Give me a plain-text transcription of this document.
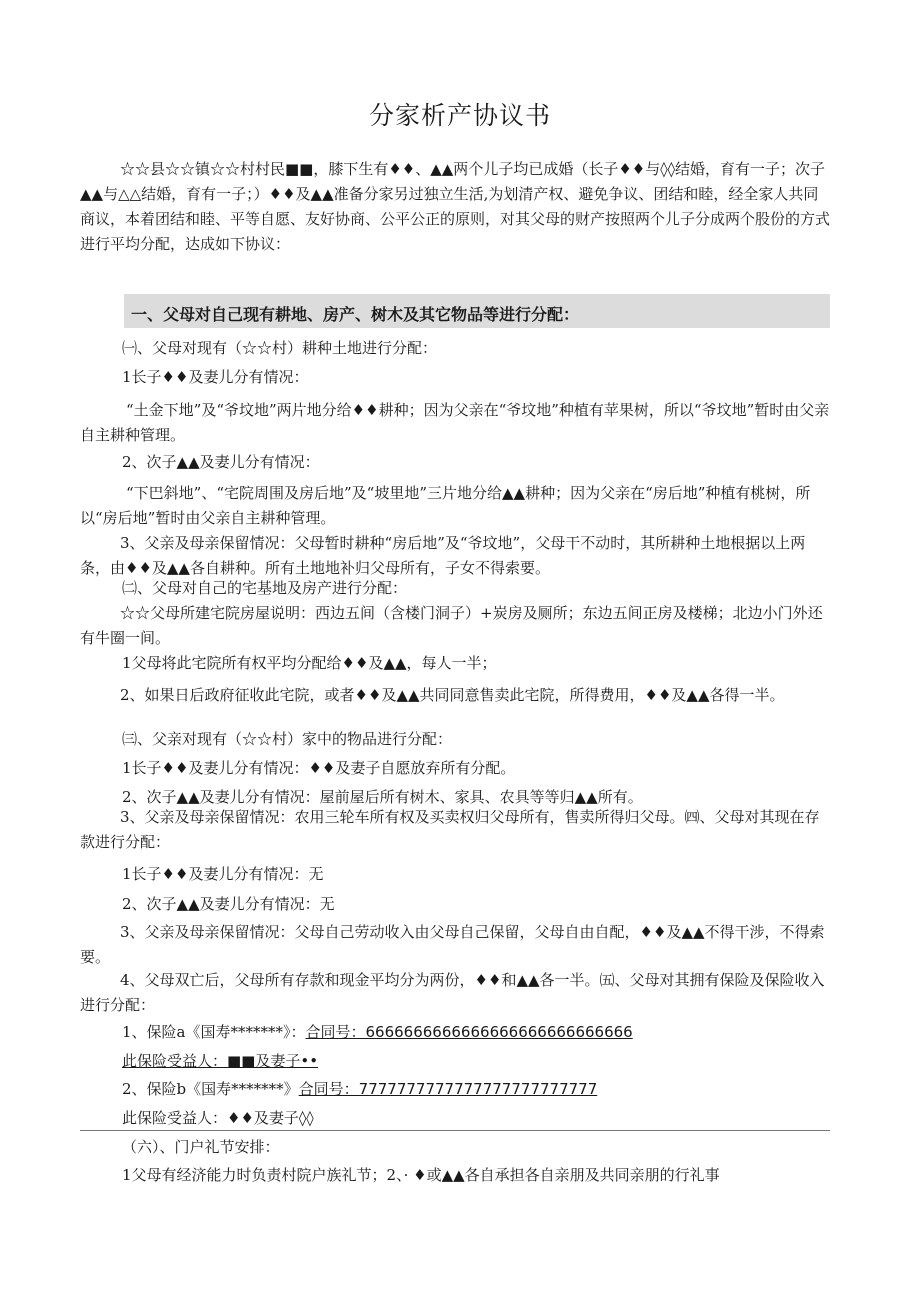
分家析产协议书

☆☆县☆☆镇☆☆村村民■■，膝下生有♦♦、▲▲两个儿子均已成婚（长子♦♦与◊◊结婚，育有一子；次子▲▲与△△结婚，育有一子；）♦♦及▲▲准备分家另过独立生活,为划清产权、避免争议、团结和睦，经全家人共同商议，本着团结和睦、平等自愿、友好协商、公平公正的原则，对其父母的财产按照两个儿子分成两个股份的方式进行平均分配，达成如下协议：

一、父母对自己现有耕地、房产、树木及其它物品等进行分配：

㈠、父母对现有（☆☆村）耕种土地进行分配：

1长子♦♦及妻儿分有情况：

“土金下地”及“爷坟地”两片地分给♦♦耕种；因为父亲在“爷坟地”种植有苹果树，所以“爷坟地”暂时由父亲自主耕种管理。

2、次子▲▲及妻儿分有情况：

“下巴斜地”、“宅院周围及房后地”及“坡里地”三片地分给▲▲耕种；因为父亲在“房后地”种植有桃树，所以“房后地”暂时由父亲自主耕种管理。

3、父亲及母亲保留情况：父母暂时耕种“房后地”及“爷坟地”，父母干不动时，其所耕种土地根据以上两条，由♦♦及▲▲各自耕种。所有土地地补归父母所有，子女不得索要。

㈡、父母对自己的宅基地及房产进行分配：

☆☆父母所建宅院房屋说明：西边五间（含楼门洞子）+炭房及厕所；东边五间正房及楼梯；北边小门外还有牛圈一间。

1父母将此宅院所有权平均分配给♦♦及▲▲，每人一半；

2、如果日后政府征收此宅院，或者♦♦及▲▲共同同意售卖此宅院，所得费用，♦♦及▲▲各得一半。

㈢、父亲对现有（☆☆村）家中的物品进行分配：

1长子♦♦及妻儿分有情况：♦♦及妻子自愿放弃所有分配。

2、次子▲▲及妻儿分有情况：屋前屋后所有树木、家具、农具等等归▲▲所有。

3、父亲及母亲保留情况：农用三轮车所有权及买卖权归父母所有，售卖所得归父母。㈣、父母对其现在存款进行分配：

1长子♦♦及妻儿分有情况：无

2、次子▲▲及妻儿分有情况：无

3、父亲及母亲保留情况：父母自己劳动收入由父母自己保留，父母自由自配，♦♦及▲▲不得干涉，不得索要。

4、父母双亡后，父母所有存款和现金平均分为两份，♦♦和▲▲各一半。㈤、父母对其拥有保险及保险收入进行分配：

1、保险a《国寿*******》：合同号：6666666666666666666666666666

此保险受益人：■■及妻子••

2、保险b《国寿*******》合同号：7777777777777777777777777

此保险受益人：♦♦及妻子◊◊

（六）、门户礼节安排：

1父母有经济能力时负责村院户族礼节；2、· ♦或▲▲各自承担各自亲朋及共同亲朋的行礼事
